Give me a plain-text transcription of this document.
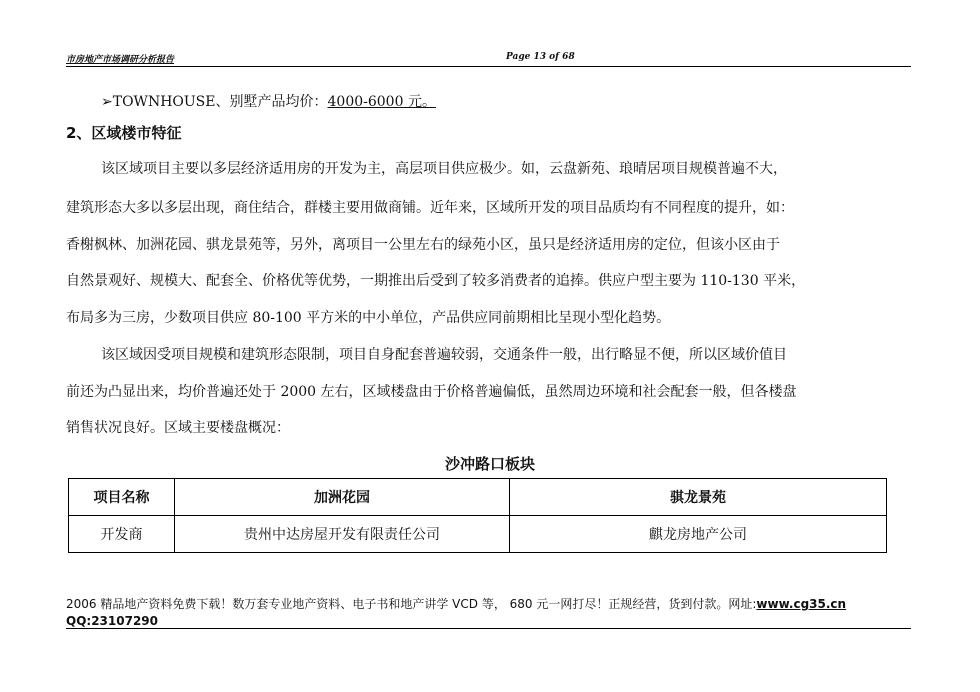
市房地产市场调研分析报告	Page 13 of 68
➢TOWNHOUSE、别墅产品均价：4000-6000 元。
2、区域楼市特征
该区域项目主要以多层经济适用房的开发为主，高层项目供应极少。如，云盘新苑、琅晴居项目规模普遍不大，
建筑形态大多以多层出现，商住结合，群楼主要用做商铺。近年来，区域所开发的项目品质均有不同程度的提升，如：
香榭枫林、加洲花园、骐龙景苑等，另外，离项目一公里左右的绿苑小区，虽只是经济适用房的定位，但该小区由于
自然景观好、规模大、配套全、价格优等优势，一期推出后受到了较多消费者的追捧。供应户型主要为 110-130 平米，
布局多为三房，少数项目供应 80-100 平方米的中小单位，产品供应同前期相比呈现小型化趋势。
该区域因受项目规模和建筑形态限制，项目自身配套普遍较弱，交通条件一般，出行略显不便，所以区域价值目
前还为凸显出来，均价普遍还处于 2000 左右，区域楼盘由于价格普遍偏低，虽然周边环境和社会配套一般，但各楼盘
销售状况良好。区域主要楼盘概况：
沙冲路口板块
项目名称	加洲花园	骐龙景苑
开发商	贵州中达房屋开发有限责任公司	麒龙房地产公司
2006 精品地产资料免费下载！数万套专业地产资料、电子书和地产讲学 VCD 等， 680 元一网打尽！正规经营，货到付款。网址:www.cg35.cn
QQ:23107290
